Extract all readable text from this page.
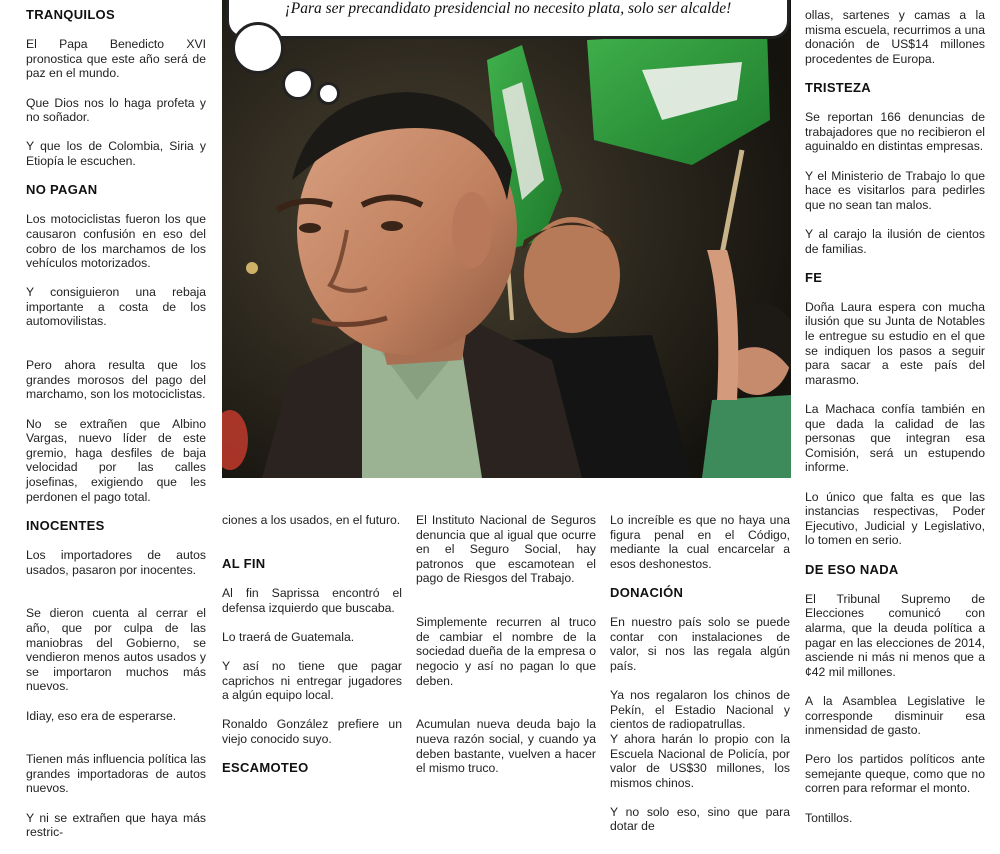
TRANQUILOS

El Papa Benedicto XVI pronostica que este año será de paz en el mundo.

Que Dios nos lo haga profeta y no soñador.

Y que los de Colombia, Siria y Etiopía le escuchen.

NO PAGAN

Los motociclistas fueron los que causaron confusión en eso del cobro de los marchamos de los vehículos motorizados.

Y consiguieron una rebaja importante a costa de los automovilistas.

Pero ahora resulta que los grandes morosos del pago del marchamo, son los motociclistas.

No se extrañen que Albino Vargas, nuevo líder de este gremio, haga desfiles de baja velocidad por las calles josefinas, exigiendo que les perdonen el pago total.

INOCENTES

Los importadores de autos usados, pasaron por inocentes.

Se dieron cuenta al cerrar el año, que por culpa de las maniobras del Gobierno, se vendieron menos autos usados y se importaron muchos más nuevos.

Idiay, eso era de esperarse.

Tienen más influencia política las grandes importadoras de autos nuevos.

Y ni se extrañen que haya más restric-

¡Para ser precandidato presidencial no necesito plata, solo ser alcalde!

ciones a los usados, en el futuro.

AL FIN

Al fin Saprissa encontró el defensa izquierdo que buscaba.

Lo traerá de Guatemala.

Y así no tiene que pagar caprichos ni entregar jugadores a algún equipo local.

Ronaldo González prefiere un viejo conocido suyo.

ESCAMOTEO

El Instituto Nacional de Seguros denuncia que al igual que ocurre en el Seguro Social, hay patronos que escamotean el pago de Riesgos del Trabajo.

Simplemente recurren al truco de cambiar el nombre de la sociedad dueña de la empresa o negocio y así no pagan lo que deben.

Acumulan nueva deuda bajo la nueva razón social, y cuando ya deben bastante, vuelven a hacer el mismo truco.

Lo increíble es que no haya una figura penal en el Código, mediante la cual encarcelar a esos deshonestos.

DONACIÓN

En nuestro país solo se puede contar con instalaciones de valor, si nos las regala algún país.

Ya nos regalaron los chinos de Pekín, el Estadio Nacional y cientos de radiopatrullas.

Y ahora harán lo propio con la Escuela Nacional de Policía, por valor de US$30 millones, los mismos chinos.

Y no solo eso, sino que para dotar de

ollas, sartenes y camas a la misma escuela, recurrimos a una donación de US$14 millones procedentes de Europa.

TRISTEZA

Se reportan 166 denuncias de trabajadores que no recibieron el aguinaldo en distintas empresas.

Y el Ministerio de Trabajo lo que hace es visitarlos para pedirles que no sean tan malos.

Y al carajo la ilusión de cientos de familias.

FE

Doña Laura espera con mucha ilusión que su Junta de Notables le entregue su estudio en el que se indiquen los pasos a seguir para sacar a este país del marasmo.

La Machaca confía también en que dada la calidad de las personas que integran esa Comisión, será un estupendo informe.

Lo único que falta es que las instancias respectivas, Poder Ejecutivo, Judicial y Legislativo, lo tomen en serio.

DE ESO NADA

El Tribunal Supremo de Elecciones comunicó con alarma, que la deuda política a pagar en las elecciones de 2014, asciende ni más ni menos que a ¢42 mil millones.

A la Asamblea Legislative le corresponde disminuir esa inmensidad de gasto.

Pero los partidos políticos ante semejante queque, como que no corren para reformar el monto.

Tontillos.
